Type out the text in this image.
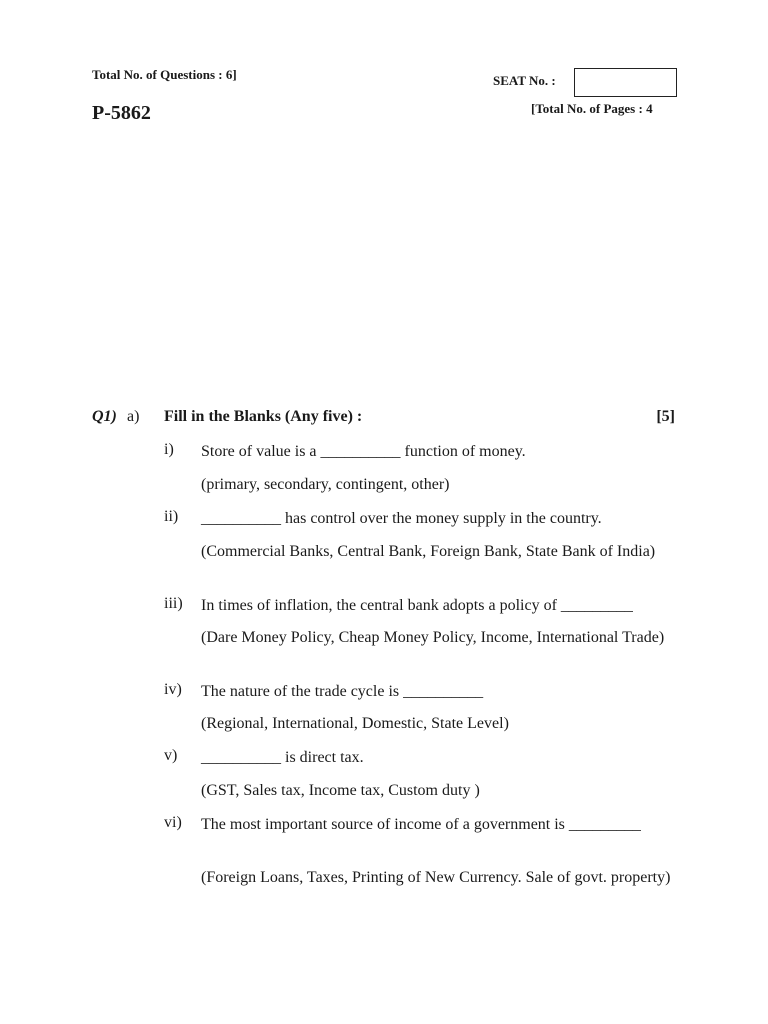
Total No. of Questions : 6]	SEAT No. :
[Total No. of Pages : 4
P-5862
Q1) a) Fill in the Blanks (Any five) :	[5]
i) Store of value is a __________ function of money.
(primary, secondary, contingent, other)
ii) __________ has control over the money supply in the country.
(Commercial Banks, Central Bank, Foreign Bank, State Bank of India)
iii) In times of inflation, the central bank adopts a policy of _________
(Dare Money Policy, Cheap Money Policy, Income, International Trade)
iv) The nature of the trade cycle is __________
(Regional, International, Domestic, State Level)
v) __________ is direct tax.
(GST, Sales tax, Income tax, Custom duty )
vi) The most important source of income of a government is _________
(Foreign Loans, Taxes, Printing of New Currency. Sale of govt. property)
